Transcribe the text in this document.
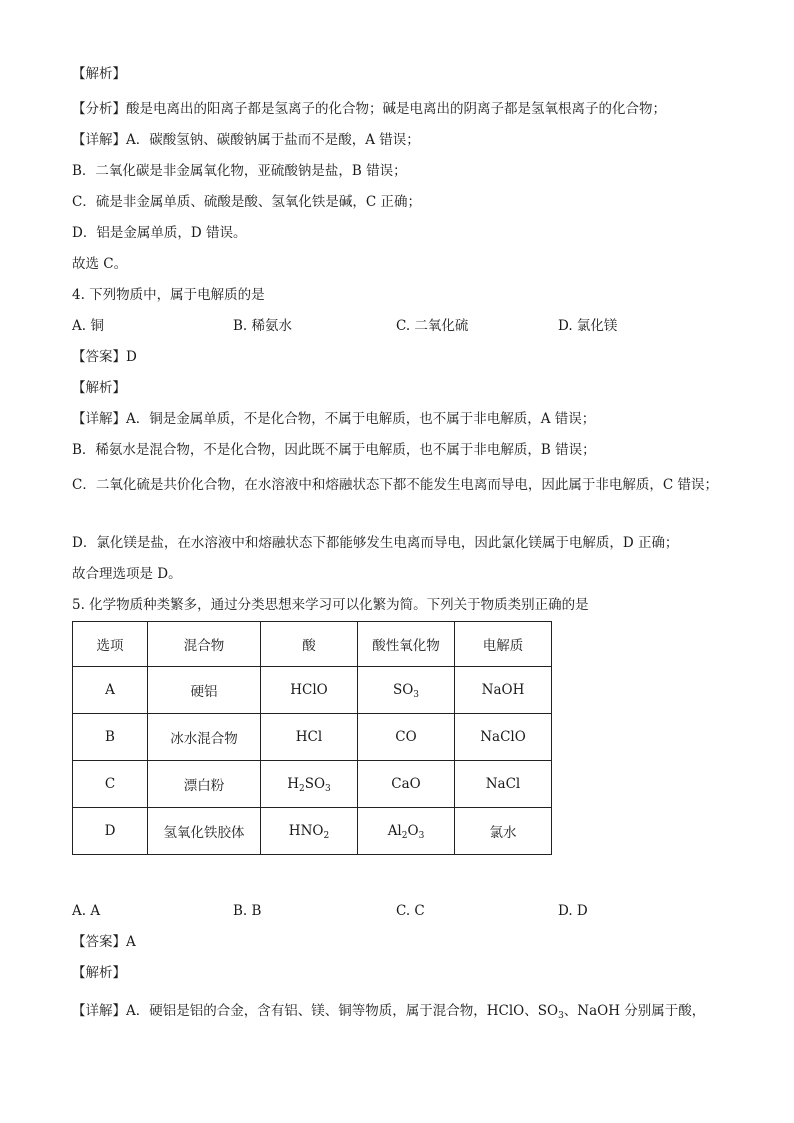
【解析】
【分析】酸是电离出的阳离子都是氢离子的化合物；碱是电离出的阴离子都是氢氧根离子的化合物；
【详解】A．碳酸氢钠、碳酸钠属于盐而不是酸，A 错误；
B．二氧化碳是非金属氧化物，亚硫酸钠是盐，B 错误；
C．硫是非金属单质、硫酸是酸、氢氧化铁是碱，C 正确；
D．铝是金属单质，D 错误。
故选 C。
4. 下列物质中，属于电解质的是
A. 铜	B. 稀氨水	C. 二氧化硫	D. 氯化镁
【答案】D
【解析】
【详解】A．铜是金属单质，不是化合物，不属于电解质，也不属于非电解质，A 错误；
B．稀氨水是混合物，不是化合物，因此既不属于电解质，也不属于非电解质，B 错误；
C．二氧化硫是共价化合物，在水溶液中和熔融状态下都不能发生电离而导电，因此属于非电解质，C 错误；
D．氯化镁是盐，在水溶液中和熔融状态下都能够发生电离而导电，因此氯化镁属于电解质，D 正确；
故合理选项是 D。
5. 化学物质种类繁多，通过分类思想来学习可以化繁为简。下列关于物质类别正确的是
选项	混合物	酸	酸性氧化物	电解质
A	硬铝	HClO	$SO_3$	NaOH
B	冰水混合物	HCl	CO	NaClO
C	漂白粉	$H_2SO_3$	CaO	NaCl
D	氢氧化铁胶体	$HNO_2$	$Al_2O_3$	氯水
A. A	B. B	C. C	D. D
【答案】A
【解析】
【详解】A．硬铝是铝的合金，含有铝、镁、铜等物质，属于混合物，HClO、$SO_3$、NaOH 分别属于酸，
